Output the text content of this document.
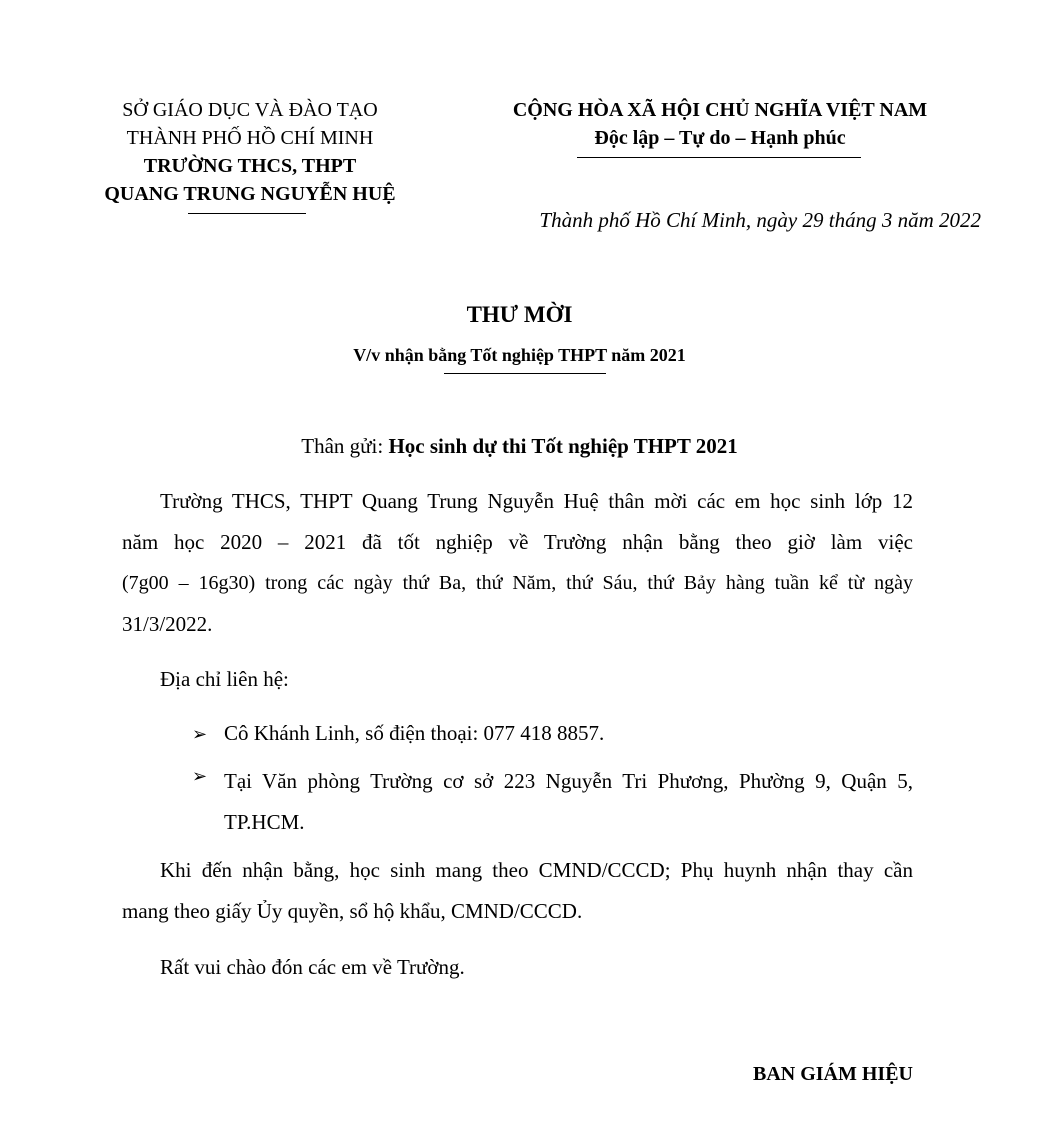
SỞ GIÁO DỤC VÀ ĐÀO TẠO
THÀNH PHỐ HỒ CHÍ MINH
TRƯỜNG THCS, THPT
QUANG TRUNG NGUYỄN HUỆ
CỘNG HÒA XÃ HỘI CHỦ NGHĨA VIỆT NAM
Độc lập – Tự do – Hạnh phúc
Thành phố Hồ Chí Minh, ngày 29 tháng 3 năm 2022
THƯ MỜI
V/v nhận bằng Tốt nghiệp THPT năm 2021
Thân gửi: Học sinh dự thi Tốt nghiệp THPT 2021
Trường THCS, THPT Quang Trung Nguyễn Huệ thân mời các em học sinh lớp 12
năm học 2020 – 2021 đã tốt nghiệp về Trường nhận bằng theo giờ làm việc
(7g00 – 16g30) trong các ngày thứ Ba, thứ Năm, thứ Sáu, thứ Bảy hàng tuần kể từ ngày
31/3/2022.
Địa chỉ liên hệ:
➢ Cô Khánh Linh, số điện thoại: 077 418 8857.
➢ Tại Văn phòng Trường cơ sở 223 Nguyễn Tri Phương, Phường 9, Quận 5,
TP.HCM.
Khi đến nhận bằng, học sinh mang theo CMND/CCCD; Phụ huynh nhận thay cần
mang theo giấy Ủy quyền, sổ hộ khẩu, CMND/CCCD.
Rất vui chào đón các em về Trường.
BAN GIÁM HIỆU
